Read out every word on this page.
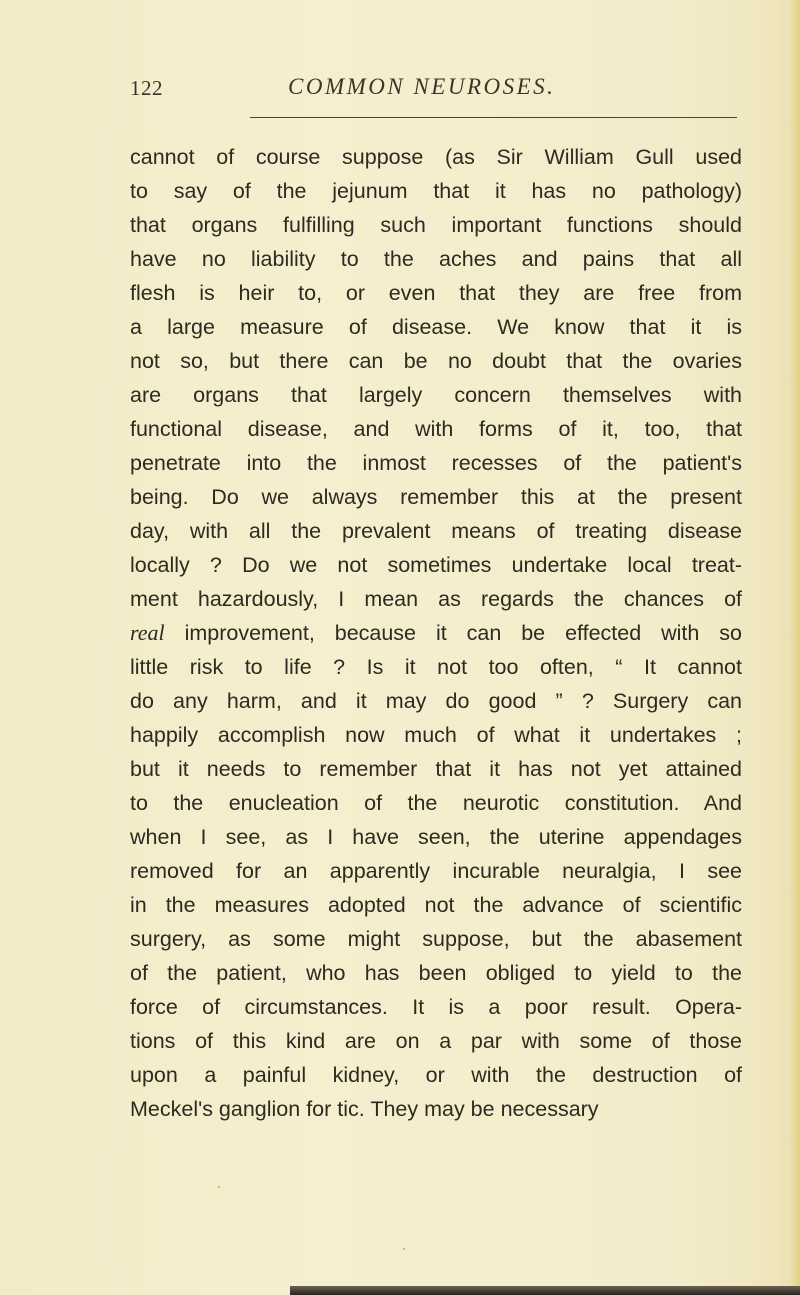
122	COMMON NEUROSES.
cannot of course suppose (as Sir William Gull used
to say of the jejunum that it has no pathology)
that organs fulfilling such important functions should
have no liability to the aches and pains that all
flesh is heir to, or even that they are free from
a large measure of disease. We know that it is
not so, but there can be no doubt that the ovaries
are organs that largely concern themselves with
functional disease, and with forms of it, too, that
penetrate into the inmost recesses of the patient's
being. Do we always remember this at the present
day, with all the prevalent means of treating disease
locally ? Do we not sometimes undertake local treat-
ment hazardously, I mean as regards the chances of
real improvement, because it can be effected with so
little risk to life ? Is it not too often, “ It cannot
do any harm, and it may do good ” ? Surgery can
happily accomplish now much of what it undertakes ;
but it needs to remember that it has not yet attained
to the enucleation of the neurotic constitution. And
when I see, as I have seen, the uterine appendages
removed for an apparently incurable neuralgia, I see
in the measures adopted not the advance of scientific
surgery, as some might suppose, but the abasement
of the patient, who has been obliged to yield to the
force of circumstances. It is a poor result. Opera-
tions of this kind are on a par with some of those
upon a painful kidney, or with the destruction of
Meckel's ganglion for tic. They may be necessary
